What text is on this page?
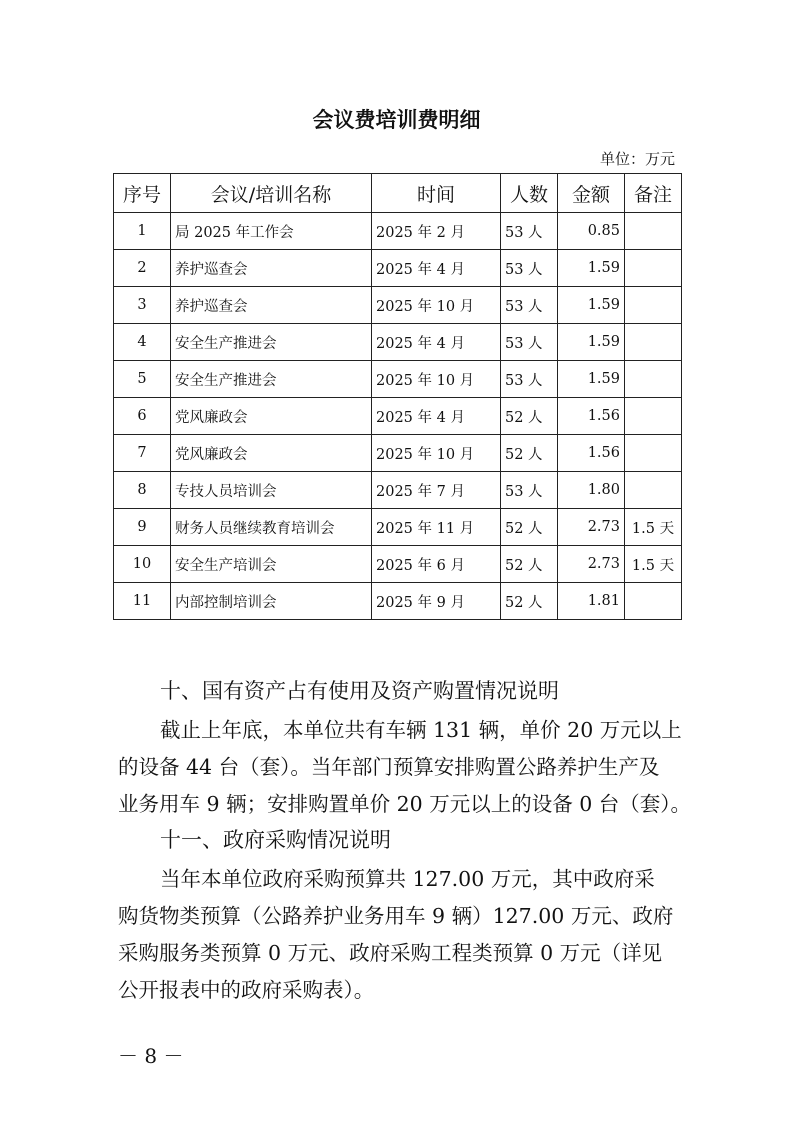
会议费培训费明细
单位：万元
序号	会议/培训名称	时间	人数	金额	备注
1	局 2025 年工作会	2025 年 2 月	53 人	0.85	
2	养护巡查会	2025 年 4 月	53 人	1.59	
3	养护巡查会	2025 年 10 月	53 人	1.59	
4	安全生产推进会	2025 年 4 月	53 人	1.59	
5	安全生产推进会	2025 年 10 月	53 人	1.59	
6	党风廉政会	2025 年 4 月	52 人	1.56	
7	党风廉政会	2025 年 10 月	52 人	1.56	
8	专技人员培训会	2025 年 7 月	53 人	1.80	
9	财务人员继续教育培训会	2025 年 11 月	52 人	2.73	1.5 天
10	安全生产培训会	2025 年 6 月	52 人	2.73	1.5 天
11	内部控制培训会	2025 年 9 月	52 人	1.81	
十、国有资产占有使用及资产购置情况说明
截止上年底，本单位共有车辆 131 辆，单价 20 万元以上
的设备 44 台（套）。当年部门预算安排购置公路养护生产及
业务用车 9 辆；安排购置单价 20 万元以上的设备 0 台（套）。
十一、政府采购情况说明
当年本单位政府采购预算共 127.00 万元，其中政府采
购货物类预算（公路养护业务用车 9 辆）127.00 万元、政府
采购服务类预算 0 万元、政府采购工程类预算 0 万元（详见
公开报表中的政府采购表）。
－ 8 －
